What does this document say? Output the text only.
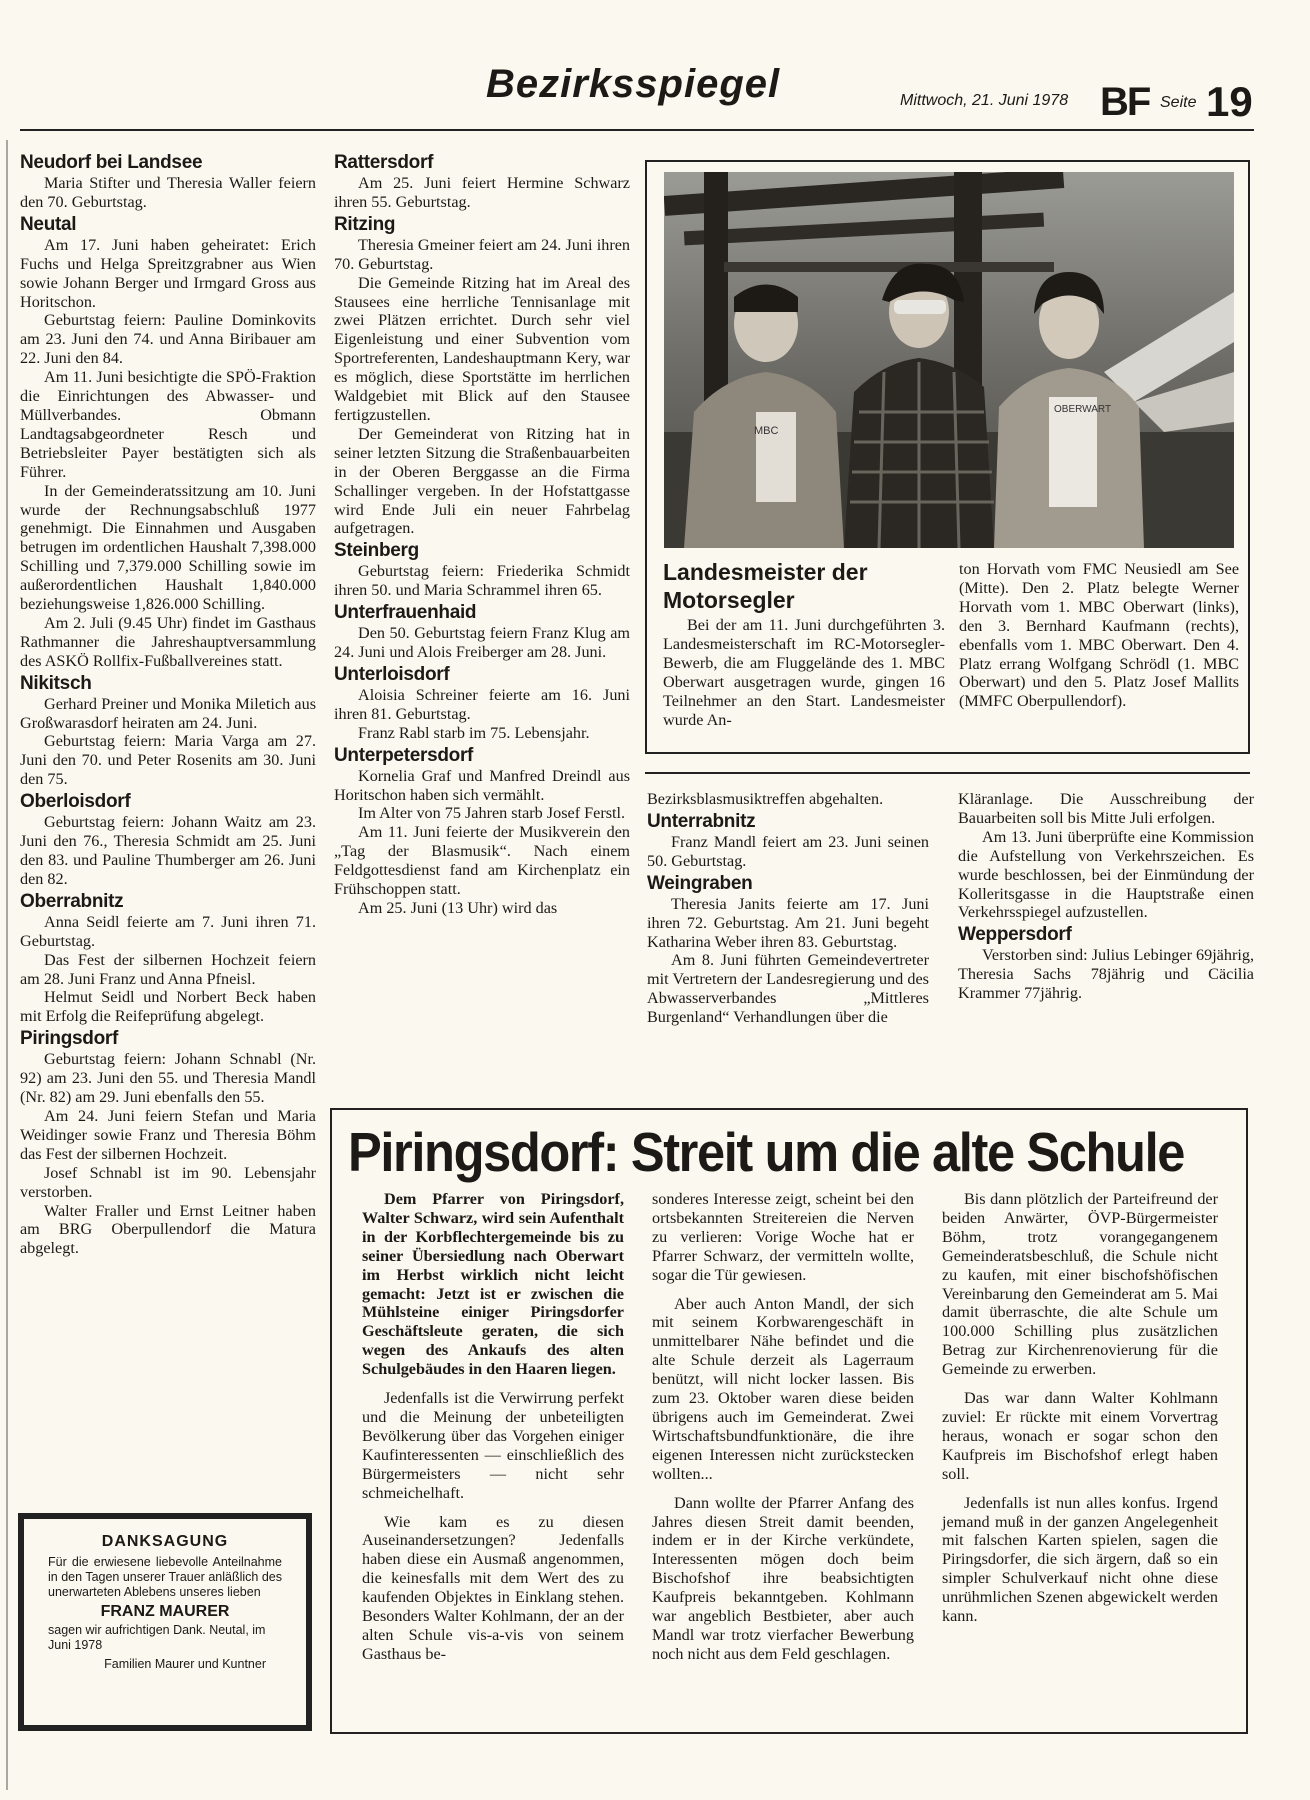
Bezirksspiegel	Mittwoch, 21. Juni 1978 BF Seite 19
Neudorf bei Landsee

Maria Stifter und Theresia Waller feiern den 70. Geburtstag.

Neutal

Am 17. Juni haben geheiratet: Erich Fuchs und Helga Spreitzgrabner aus Wien sowie Johann Berger und Irmgard Gross aus Horitschon.

Geburtstag feiern: Pauline Dominkovits am 23. Juni den 74. und Anna Biribauer am 22. Juni den 84.

Am 11. Juni besichtigte die SPÖ-Fraktion die Einrichtungen des Abwasser- und Müllverbandes. Obmann Landtagsabgeordneter Resch und Betriebsleiter Payer bestätigten sich als Führer.

In der Gemeinderatssitzung am 10. Juni wurde der Rechnungsabschluß 1977 genehmigt. Die Einnahmen und Ausgaben betrugen im ordentlichen Haushalt 7,398.000 Schilling und 7,379.000 Schilling sowie im außerordentlichen Haushalt 1,840.000 beziehungsweise 1,826.000 Schilling.

Am 2. Juli (9.45 Uhr) findet im Gasthaus Rathmanner die Jahreshauptversammlung des ASKÖ Rollfix-Fußballvereines statt.

Nikitsch

Gerhard Preiner und Monika Miletich aus Großwarasdorf heiraten am 24. Juni.

Geburtstag feiern: Maria Varga am 27. Juni den 70. und Peter Rosenits am 30. Juni den 75.

Oberloisdorf

Geburtstag feiern: Johann Waitz am 23. Juni den 76., Theresia Schmidt am 25. Juni den 83. und Pauline Thumberger am 26. Juni den 82.

Oberrabnitz

Anna Seidl feierte am 7. Juni ihren 71. Geburtstag.

Das Fest der silbernen Hochzeit feiern am 28. Juni Franz und Anna Pfneisl.

Helmut Seidl und Norbert Beck haben mit Erfolg die Reifeprüfung abgelegt.

Piringsdorf

Geburtstag feiern: Johann Schnabl (Nr. 92) am 23. Juni den 55. und Theresia Mandl (Nr. 82) am 29. Juni ebenfalls den 55.

Am 24. Juni feiern Stefan und Maria Weidinger sowie Franz und Theresia Böhm das Fest der silbernen Hochzeit.

Josef Schnabl ist im 90. Lebensjahr verstorben.

Walter Fraller und Ernst Leitner haben am BRG Oberpullendorf die Matura abgelegt.

Rattersdorf

Am 25. Juni feiert Hermine Schwarz ihren 55. Geburtstag.

Ritzing

Theresia Gmeiner feiert am 24. Juni ihren 70. Geburtstag.

Die Gemeinde Ritzing hat im Areal des Stausees eine herrliche Tennisanlage mit zwei Plätzen errichtet. Durch sehr viel Eigenleistung und einer Subvention vom Sportreferenten, Landeshauptmann Kery, war es möglich, diese Sportstätte im herrlichen Waldgebiet mit Blick auf den Stausee fertigzustellen.

Der Gemeinderat von Ritzing hat in seiner letzten Sitzung die Straßenbauarbeiten in der Oberen Berggasse an die Firma Schallinger vergeben. In der Hofstattgasse wird Ende Juli ein neuer Fahrbelag aufgetragen.

Steinberg

Geburtstag feiern: Friederika Schmidt ihren 50. und Maria Schrammel ihren 65.

Unterfrauenhaid

Den 50. Geburtstag feiern Franz Klug am 24. Juni und Alois Freiberger am 28. Juni.

Unterloisdorf

Aloisia Schreiner feierte am 16. Juni ihren 81. Geburtstag.

Franz Rabl starb im 75. Lebensjahr.

Unterpetersdorf

Kornelia Graf und Manfred Dreindl aus Horitschon haben sich vermählt.

Im Alter von 75 Jahren starb Josef Ferstl.

Am 11. Juni feierte der Musikverein den „Tag der Blasmusik“. Nach einem Feldgottesdienst fand am Kirchenplatz ein Frühschoppen statt.

Am 25. Juni (13 Uhr) wird das

MBC
OBERWART
Landesmeister der Motorsegler
Bei der am 11. Juni durchgeführten 3. Landesmeisterschaft im RC-Motorsegler-Bewerb, die am Fluggelände des 1. MBC Oberwart ausgetragen wurde, gingen 16 Teilnehmer an den Start. Landesmeister wurde An-
ton Horvath vom FMC Neusiedl am See (Mitte). Den 2. Platz belegte Werner Horvath vom 1. MBC Oberwart (links), den 3. Bernhard Kaufmann (rechts), ebenfalls vom 1. MBC Oberwart. Den 4. Platz errang Wolfgang Schrödl (1. MBC Oberwart) und den 5. Platz Josef Mallits (MMFC Oberpullendorf).

Bezirksblasmusiktreffen abgehalten.

Unterrabnitz

Franz Mandl feiert am 23. Juni seinen 50. Geburtstag.

Weingraben

Theresia Janits feierte am 17. Juni ihren 72. Geburtstag. Am 21. Juni begeht Katharina Weber ihren 83. Geburtstag.

Am 8. Juni führten Gemeindevertreter mit Vertretern der Landesregierung und des Abwasserverbandes „Mittleres Burgenland“ Verhandlungen über die

Kläranlage. Die Ausschreibung der Bauarbeiten soll bis Mitte Juli erfolgen.

Am 13. Juni überprüfte eine Kommission die Aufstellung von Verkehrszeichen. Es wurde beschlossen, bei der Einmündung der Kolleritsgasse in die Hauptstraße einen Verkehrsspiegel aufzustellen.

Weppersdorf

Verstorben sind: Julius Lebinger 69jährig, Theresia Sachs 78jährig und Cäcilia Krammer 77jährig.

DANKSAGUNG
Für die erwiesene liebevolle Anteilnahme in den Tagen unserer Trauer anläßlich des unerwarteten Ablebens unseres lieben
FRANZ MAURER
sagen wir aufrichtigen Dank. Neutal, im Juni 1978
Familien Maurer und Kuntner
Piringsdorf: Streit um die alte Schule

Dem Pfarrer von Piringsdorf, Walter Schwarz, wird sein Aufenthalt in der Korbflechtergemeinde bis zu seiner Übersiedlung nach Oberwart im Herbst wirklich nicht leicht gemacht: Jetzt ist er zwischen die Mühlsteine einiger Piringsdorfer Geschäftsleute geraten, die sich wegen des Ankaufs des alten Schulgebäudes in den Haaren liegen.

Jedenfalls ist die Verwirrung perfekt und die Meinung der unbeteiligten Bevölkerung über das Vorgehen einiger Kaufinteressenten — einschließlich des Bürgermeisters — nicht sehr schmeichelhaft.

Wie kam es zu diesen Auseinandersetzungen? Jedenfalls haben diese ein Ausmaß angenommen, die keinesfalls mit dem Wert des zu kaufenden Objektes in Einklang stehen. Besonders Walter Kohlmann, der an der alten Schule vis-a-vis von seinem Gasthaus be-

sonderes Interesse zeigt, scheint bei den ortsbekannten Streitereien die Nerven zu verlieren: Vorige Woche hat er Pfarrer Schwarz, der vermitteln wollte, sogar die Tür gewiesen.

Aber auch Anton Mandl, der sich mit seinem Korbwarengeschäft in unmittelbarer Nähe befindet und die alte Schule derzeit als Lagerraum benützt, will nicht locker lassen. Bis zum 23. Oktober waren diese beiden übrigens auch im Gemeinderat. Zwei Wirtschaftsbundfunktionäre, die ihre eigenen Interessen nicht zurückstecken wollten...

Dann wollte der Pfarrer Anfang des Jahres diesen Streit damit beenden, indem er in der Kirche verkündete, Interessenten mögen doch beim Bischofshof ihre beabsichtigten Kaufpreis bekanntgeben. Kohlmann war angeblich Bestbieter, aber auch Mandl war trotz vierfacher Bewerbung noch nicht aus dem Feld geschlagen.

Bis dann plötzlich der Parteifreund der beiden Anwärter, ÖVP-Bürgermeister Böhm, trotz vorangegangenem Gemeinderatsbeschluß, die Schule nicht zu kaufen, mit einer bischofshöfischen Vereinbarung den Gemeinderat am 5. Mai damit überraschte, die alte Schule um 100.000 Schilling plus zusätzlichen Betrag zur Kirchenrenovierung für die Gemeinde zu erwerben.

Das war dann Walter Kohlmann zuviel: Er rückte mit einem Vorvertrag heraus, wonach er sogar schon den Kaufpreis im Bischofshof erlegt haben soll.

Jedenfalls ist nun alles konfus. Irgend jemand muß in der ganzen Angelegenheit mit falschen Karten spielen, sagen die Piringsdorfer, die sich ärgern, daß so ein simpler Schulverkauf nicht ohne diese unrühmlichen Szenen abgewickelt werden kann.
